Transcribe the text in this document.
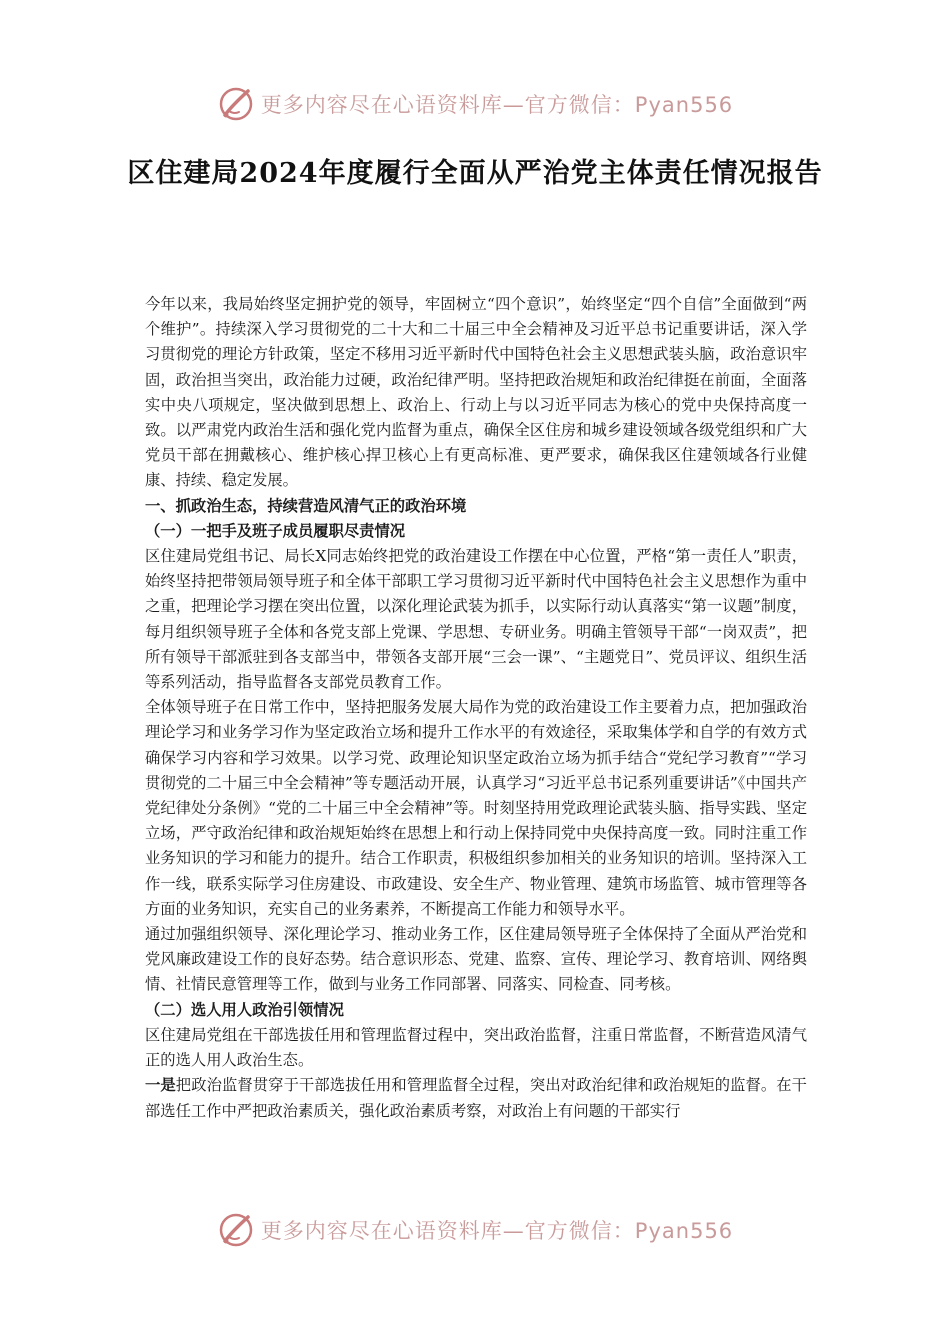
更多内容尽在心语资料库—官方微信：Pyan556
区住建局2024年度履行全面从严治党主体责任情况报告

今年以来，我局始终坚定拥护党的领导，牢固树立“四个意识”，始终坚定“四个自信”全面做到“两个维护”。持续深入学习贯彻党的二十大和二十届三中全会精神及习近平总书记重要讲话，深入学习贯彻党的理论方针政策，坚定不移用习近平新时代中国特色社会主义思想武装头脑，政治意识牢固，政治担当突出，政治能力过硬，政治纪律严明。坚持把政治规矩和政治纪律挺在前面，全面落实中央八项规定，坚决做到思想上、政治上、行动上与以习近平同志为核心的党中央保持高度一致。以严肃党内政治生活和强化党内监督为重点，确保全区住房和城乡建设领域各级党组织和广大党员干部在拥戴核心、维护核心捍卫核心上有更高标准、更严要求，确保我区住建领域各行业健康、持续、稳定发展。

一、抓政治生态，持续营造风清气正的政治环境

（一）一把手及班子成员履职尽责情况

区住建局党组书记、局长X同志始终把党的政治建设工作摆在中心位置，严格“第一责任人”职责，始终坚持把带领局领导班子和全体干部职工学习贯彻习近平新时代中国特色社会主义思想作为重中之重，把理论学习摆在突出位置，以深化理论武装为抓手，以实际行动认真落实“第一议题”制度，每月组织领导班子全体和各党支部上党课、学思想、专研业务。明确主管领导干部“一岗双责”，把所有领导干部派驻到各支部当中，带领各支部开展“三会一课”、“主题党日”、党员评议、组织生活等系列活动，指导监督各支部党员教育工作。

全体领导班子在日常工作中，坚持把服务发展大局作为党的政治建设工作主要着力点，把加强政治理论学习和业务学习作为坚定政治立场和提升工作水平的有效途径，采取集体学和自学的有效方式确保学习内容和学习效果。以学习党、政理论知识坚定政治立场为抓手结合“党纪学习教育”“学习贯彻党的二十届三中全会精神”等专题活动开展，认真学习“习近平总书记系列重要讲话”《中国共产党纪律处分条例》“党的二十届三中全会精神”等。时刻坚持用党政理论武装头脑、指导实践、坚定立场，严守政治纪律和政治规矩始终在思想上和行动上保持同党中央保持高度一致。同时注重工作业务知识的学习和能力的提升。结合工作职责，积极组织参加相关的业务知识的培训。坚持深入工作一线，联系实际学习住房建设、市政建设、安全生产、物业管理、建筑市场监管、城市管理等各方面的业务知识，充实自己的业务素养，不断提高工作能力和领导水平。

通过加强组织领导、深化理论学习、推动业务工作，区住建局领导班子全体保持了全面从严治党和党风廉政建设工作的良好态势。结合意识形态、党建、监察、宣传、理论学习、教育培训、网络舆情、社情民意管理等工作，做到与业务工作同部署、同落实、同检查、同考核。

（二）选人用人政治引领情况

区住建局党组在干部选拔任用和管理监督过程中，突出政治监督，注重日常监督，不断营造风清气正的选人用人政治生态。

一是把政治监督贯穿于干部选拔任用和管理监督全过程，突出对政治纪律和政治规矩的监督。在干部选任工作中严把政治素质关，强化政治素质考察，对政治上有问题的干部实行

更多内容尽在心语资料库—官方微信：Pyan556
